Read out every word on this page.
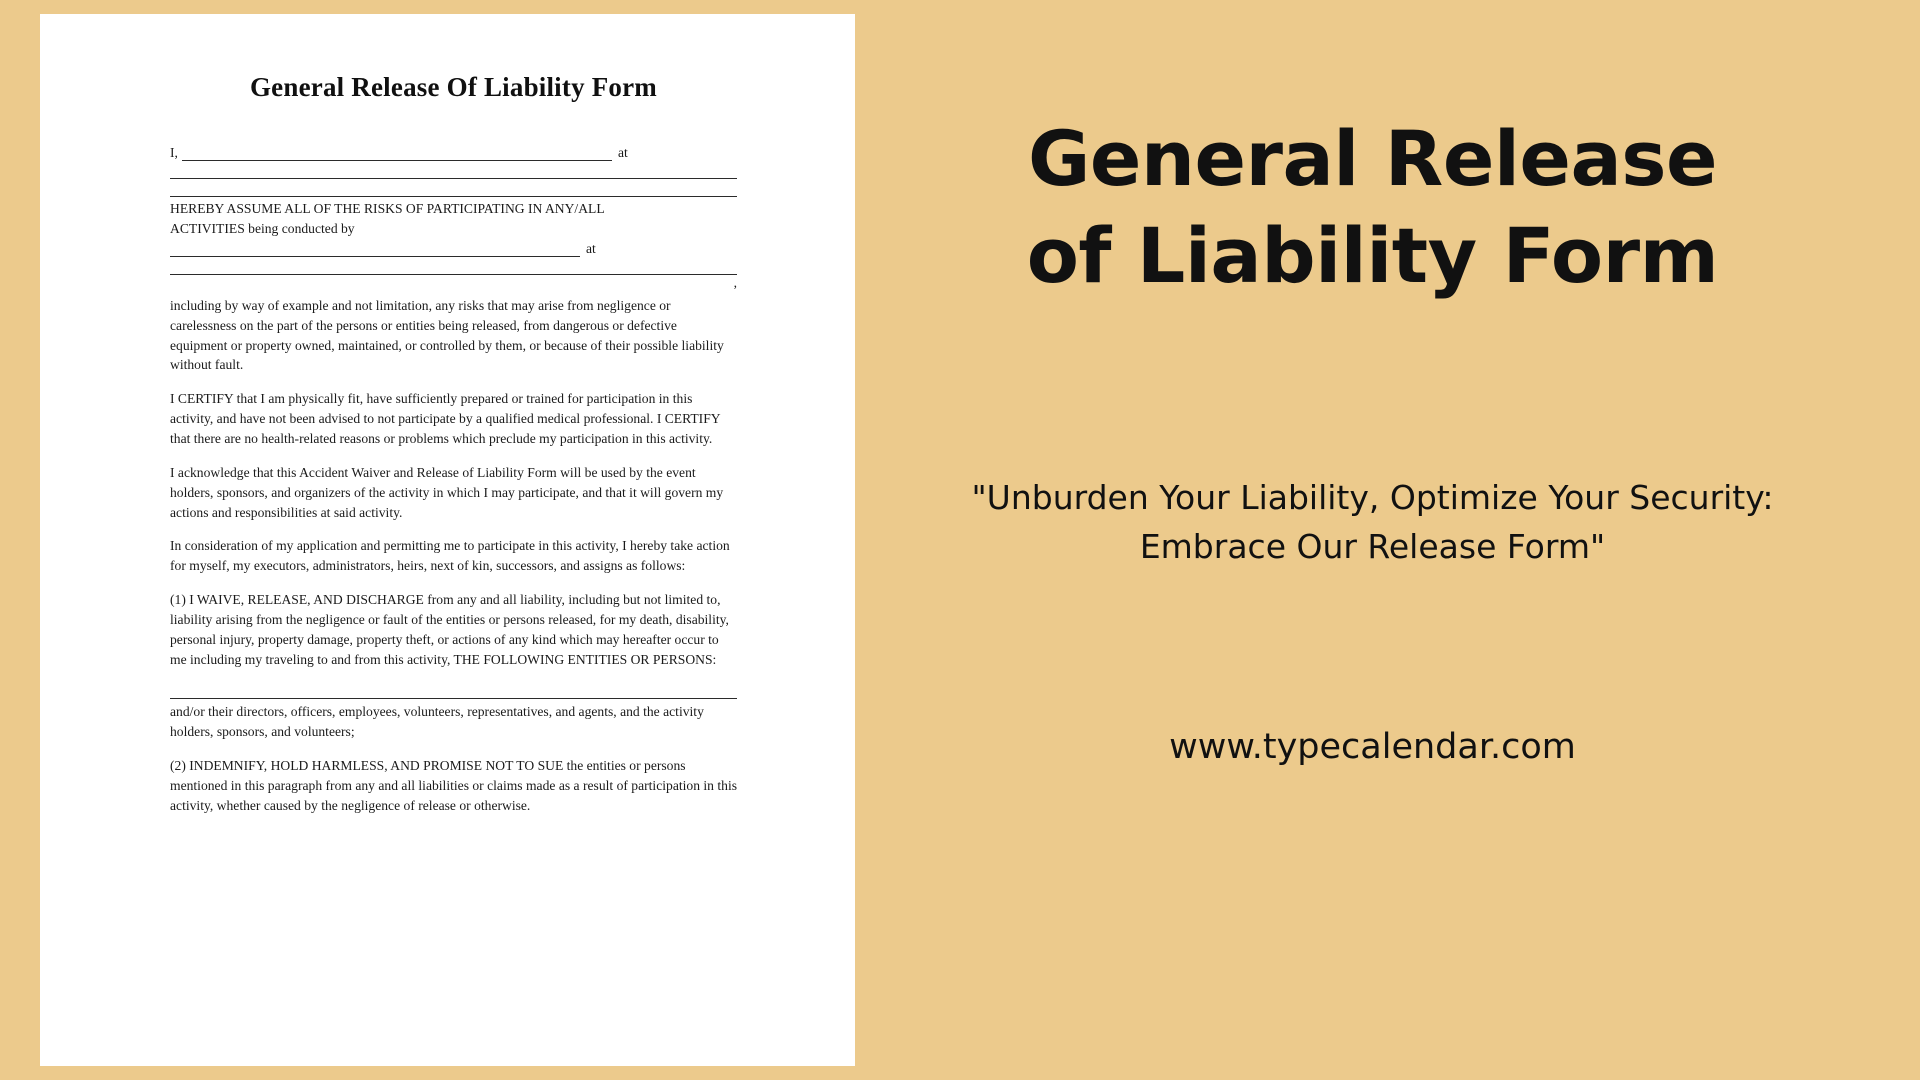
General Release Of Liability Form
I,	at
HEREBY ASSUME ALL OF THE RISKS OF PARTICIPATING IN ANY/ALL
ACTIVITIES being conducted by
at
,

including by way of example and not limitation, any risks that may arise from negligence or carelessness on the part of the persons or entities being released, from dangerous or defective equipment or property owned, maintained, or controlled by them, or because of their possible liability without fault.

I CERTIFY that I am physically fit, have sufficiently prepared or trained for participation in this activity, and have not been advised to not participate by a qualified medical professional. I CERTIFY that there are no health-related reasons or problems which preclude my participation in this activity.

I acknowledge that this Accident Waiver and Release of Liability Form will be used by the event holders, sponsors, and organizers of the activity in which I may participate, and that it will govern my actions and responsibilities at said activity.

In consideration of my application and permitting me to participate in this activity, I hereby take action for myself, my executors, administrators, heirs, next of kin, successors, and assigns as follows:

(1) I WAIVE, RELEASE, AND DISCHARGE from any and all liability, including but not limited to, liability arising from the negligence or fault of the entities or persons released, for my death, disability, personal injury, property damage, property theft, or actions of any kind which may hereafter occur to me including my traveling to and from this activity, THE FOLLOWING ENTITIES OR PERSONS:

and/or their directors, officers, employees, volunteers, representatives, and agents, and the activity holders, sponsors, and volunteers;

(2) INDEMNIFY, HOLD HARMLESS, AND PROMISE NOT TO SUE the entities or persons mentioned in this paragraph from any and all liabilities or claims made as a result of participation in this activity, whether caused by the negligence of release or otherwise.

General Release
of Liability Form
"Unburden Your Liability, Optimize Your Security: Embrace Our Release Form"
www.typecalendar.com
